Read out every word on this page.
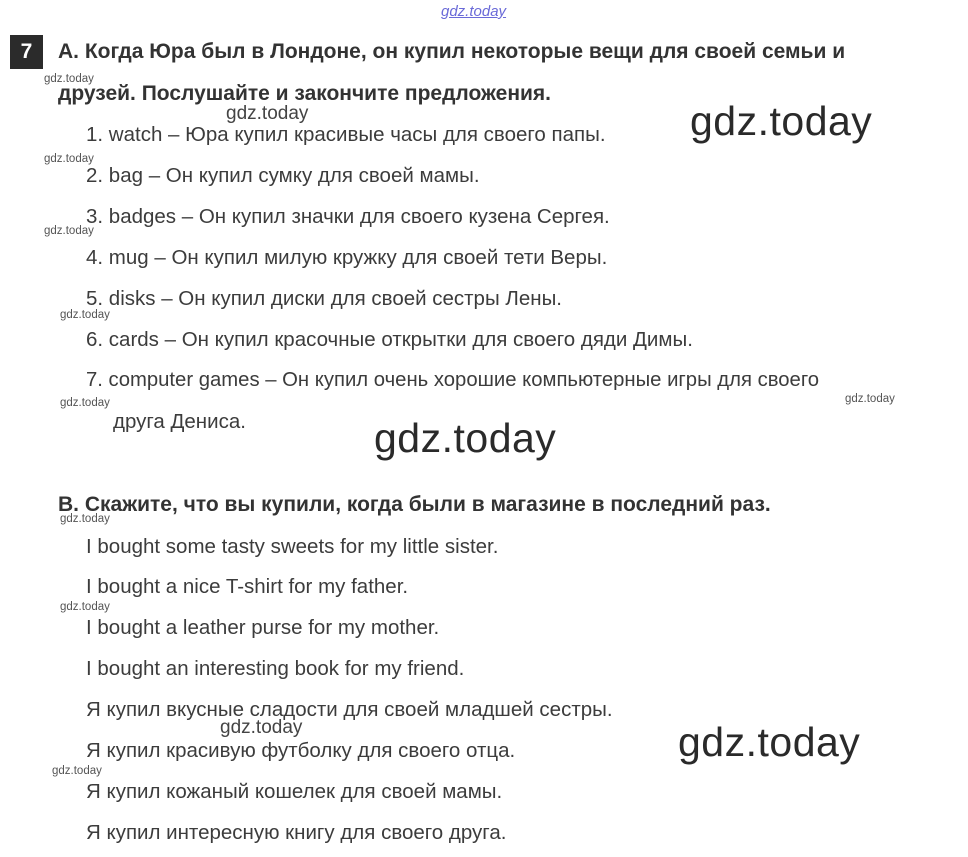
gdz.today
7	A. Когда Юра был в Лондоне, он купил некоторые вещи для своей семьи и
друзей. Послушайте и закончите предложения.
1. watch – Юра купил красивые часы для своего папы.
2. bag – Он купил сумку для своей мамы.
3. badges – Он купил значки для своего кузена Сергея.
4. mug – Он купил милую кружку для своей тети Веры.
5. disks – Он купил диски для своей сестры Лены.
6. cards – Он купил красочные открытки для своего дяди Димы.
7. computer games – Он купил очень хорошие компьютерные игры для своего
друга Дениса.
B. Скажите, что вы купили, когда были в магазине в последний раз.
I bought some tasty sweets for my little sister.
I bought a nice T-shirt for my father.
I bought a leather purse for my mother.
I bought an interesting book for my friend.
Я купил вкусные сладости для своей младшей сестры.
Я купил красивую футболку для своего отца.
Я купил кожаный кошелек для своей мамы.
Я купил интересную книгу для своего друга.
gdz.today
gdz.today
gdz.today
gdz.today
gdz.today	gdz.today
gdz.today
gdz.today
gdz.today
gdz.today
gdz.today
gdz.today
gdz.today
gdz.today
